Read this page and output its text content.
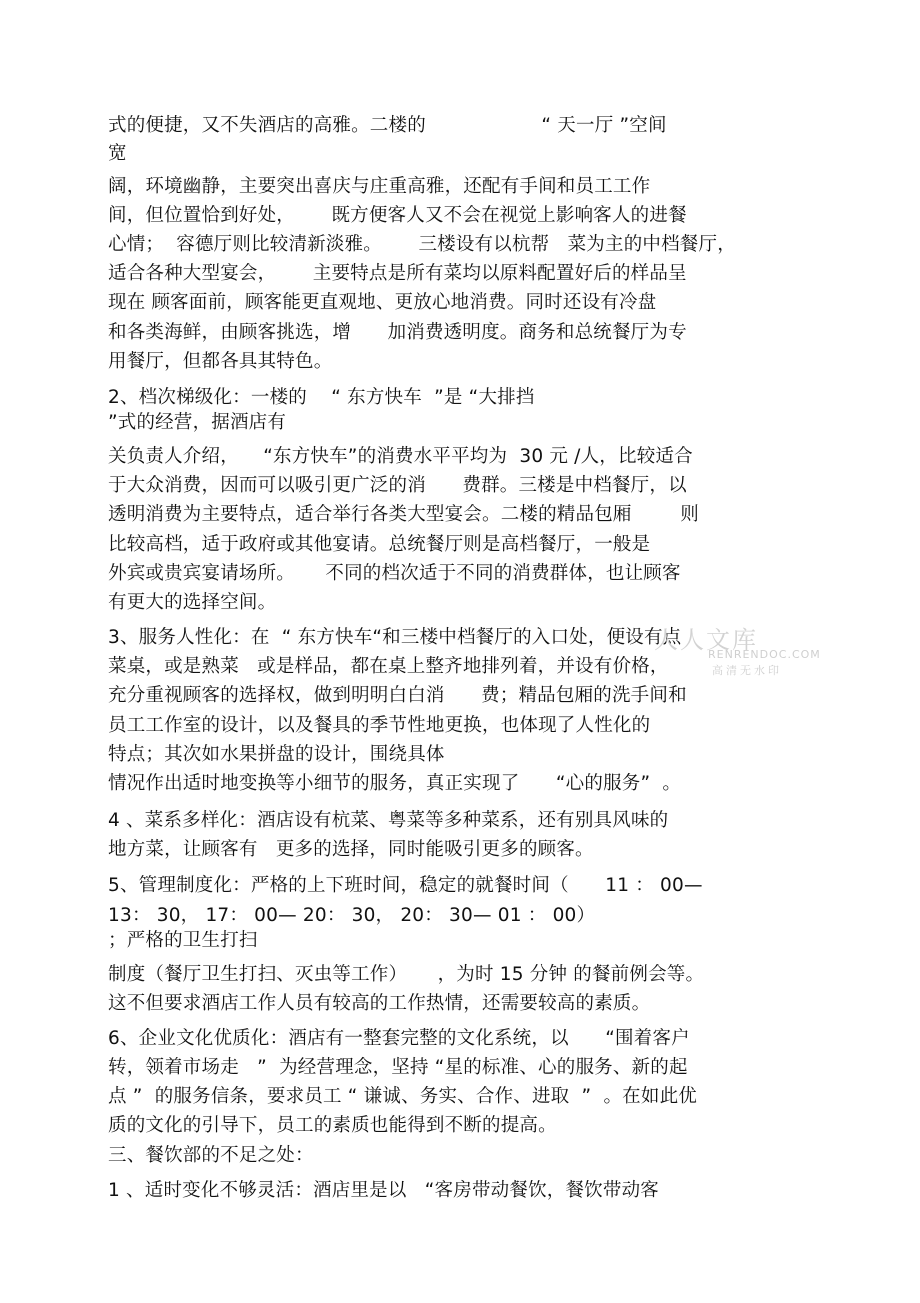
式的便捷，又不失酒店的高雅。二楼的                   “ 天一厅 ”空间
宽
阔，环境幽静，主要突出喜庆与庄重高雅，还配有手间和员工工作
间，但位置恰到好处，      既方便客人又不会在视觉上影响客人的进餐
心情；  容德厅则比较清新淡雅。      三楼设有以杭帮   菜为主的中档餐厅，
适合各种大型宴会，      主要特点是所有菜均以原料配置好后的样品呈
现在 顾客面前，顾客能更直观地、更放心地消费。同时还设有冷盘
和各类海鲜，由顾客挑选，增      加消费透明度。商务和总统餐厅为专
用餐厅，但都各具其特色。
2、档次梯级化：一楼的    “ 东方快车  ”是 “大排挡
”式的经营，据酒店有
关负责人介绍，    “东方快车”的消费水平平均为  30 元 /人，比较适合
于大众消费，因而可以吸引更广泛的消      费群。三楼是中档餐厅，以
透明消费为主要特点，适合举行各类大型宴会。二楼的精品包厢        则
比较高档，适于政府或其他宴请。总统餐厅则是高档餐厅，一般是
外宾或贵宾宴请场所。     不同的档次适于不同的消费群体，也让顾客
有更大的选择空间。
3、服务人性化：在  “ 东方快车“和三楼中档餐厅的入口处，便设有点
菜桌，或是熟菜   或是样品，都在桌上整齐地排列着，并设有价格，
充分重视顾客的选择权，做到明明白白消      费；精品包厢的洗手间和
员工工作室的设计，以及餐具的季节性地更换，也体现了人性化的
特点；其次如水果拼盘的设计，围绕具体
情况作出适时地变换等小细节的服务，真正实现了      “心的服务”  。
4 、菜系多样化：酒店设有杭菜、粤菜等多种菜系，还有别具风味的
地方菜，让顾客有   更多的选择，同时能吸引更多的顾客。
5、管理制度化：严格的上下班时间，稳定的就餐时间（      11 ： 00—
13： 30， 17： 00— 20： 30， 20： 30— 01 ： 00）
；严格的卫生打扫
制度（餐厅卫生打扫、灭虫等工作）     ，为时 15 分钟 的餐前例会等。
这不但要求酒店工作人员有较高的工作热情，还需要较高的素质。
6、企业文化优质化：酒店有一整套完整的文化系统，以      “围着客户
转，领着市场走   ”  为经营理念，坚持 “星的标准、心的服务、新的起
点 ”  的服务信条，要求员工 “ 谦诚、务实、合作、进取  ”  。在如此优
质的文化的引导下，员工的素质也能得到不断的提高。
三、餐饮部的不足之处：
1 、适时变化不够灵活：酒店里是以   “客房带动餐饮，餐饮带动客
人人文库
RENRENDOC.COM
高清无水印
